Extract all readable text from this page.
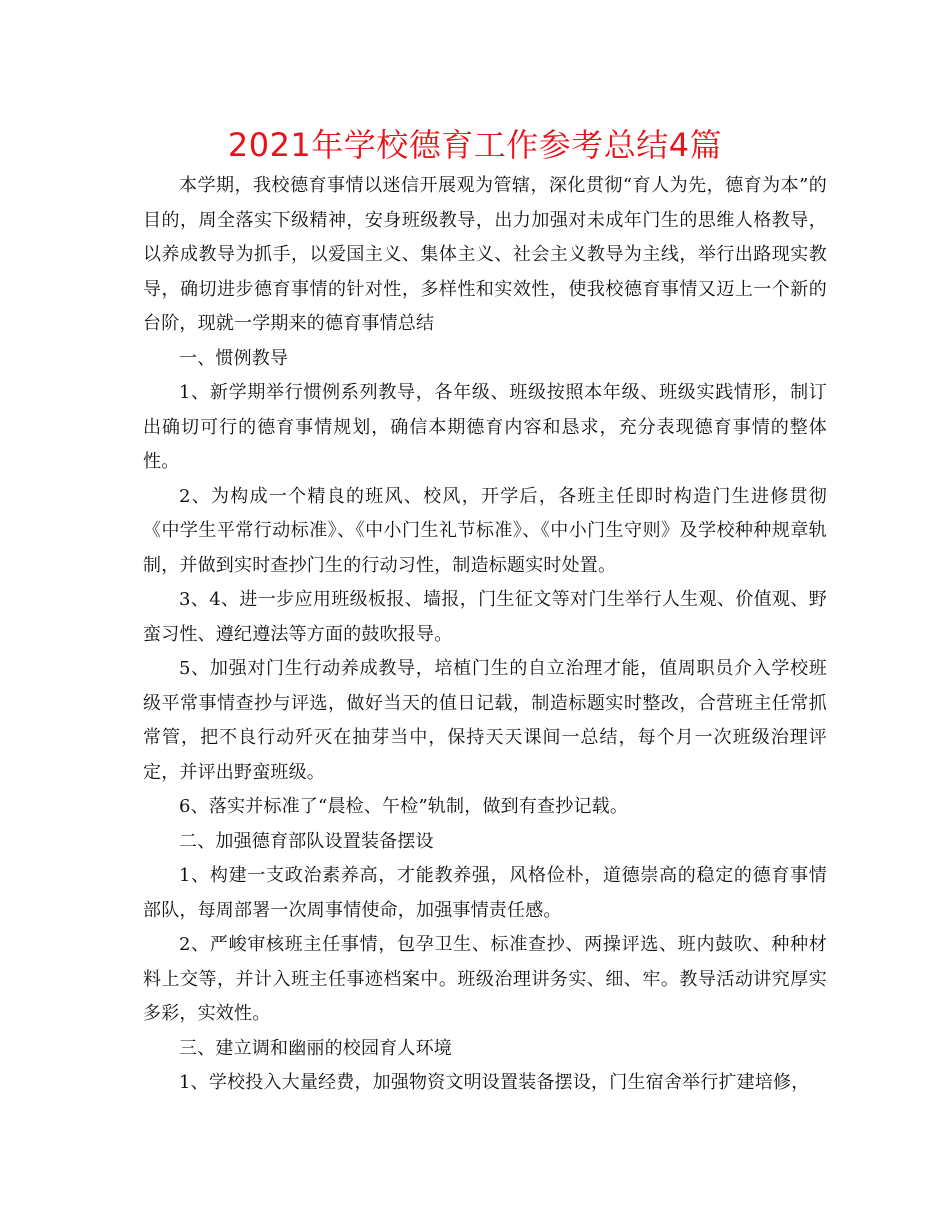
2021年学校德育工作参考总结4篇

本学期，我校德育事情以迷信开展观为管辖，深化贯彻“育人为先，德育为本”的目的，周全落实下级精神，安身班级教导，出力加强对未成年门生的思维人格教导，以养成教导为抓手，以爱国主义、集体主义、社会主义教导为主线，举行出路现实教导，确切进步德育事情的针对性，多样性和实效性，使我校德育事情又迈上一个新的台阶，现就一学期来的德育事情总结

一、惯例教导

1、新学期举行惯例系列教导，各年级、班级按照本年级、班级实践情形，制订出确切可行的德育事情规划，确信本期德育内容和恳求，充分表现德育事情的整体性。

2、为构成一个精良的班风、校风，开学后，各班主任即时构造门生进修贯彻《中学生平常行动标准》、《中小门生礼节标准》、《中小门生守则》及学校种种规章轨制，并做到实时查抄门生的行动习性，制造标题实时处置。

3、4、进一步应用班级板报、墙报，门生征文等对门生举行人生观、价值观、野蛮习性、遵纪遵法等方面的鼓吹报导。

5、加强对门生行动养成教导，培植门生的自立治理才能，值周职员介入学校班级平常事情查抄与评选，做好当天的值日记载，制造标题实时整改，合营班主任常抓常管，把不良行动歼灭在抽芽当中，保持天天课间一总结，每个月一次班级治理评定，并评出野蛮班级。

6、落实并标准了“晨检、午检”轨制，做到有查抄记载。

二、加强德育部队设置装备摆设

1、构建一支政治素养高，才能教养强，风格俭朴，道德崇高的稳定的德育事情部队，每周部署一次周事情使命，加强事情责任感。

2、严峻审核班主任事情，包孕卫生、标准查抄、两操评选、班内鼓吹、种种材料上交等，并计入班主任事迹档案中。班级治理讲务实、细、牢。教导活动讲究厚实多彩，实效性。

三、建立调和幽丽的校园育人环境

1、学校投入大量经费，加强物资文明设置装备摆设，门生宿舍举行扩建培修，
